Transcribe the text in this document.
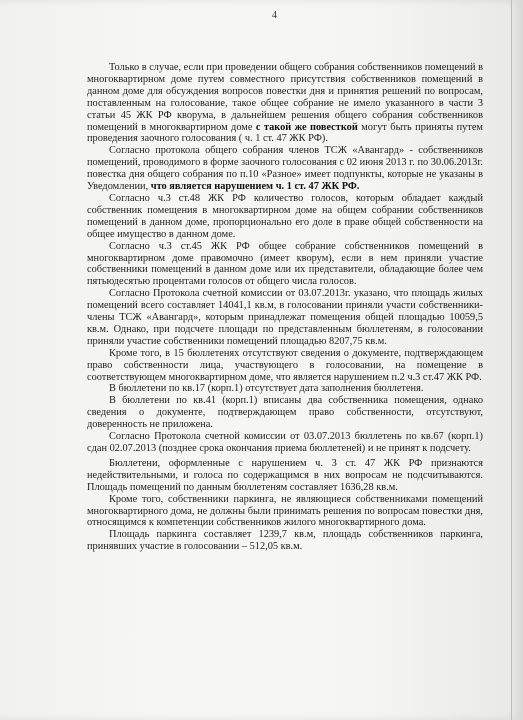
4

Только в случае, если при проведении общего собрания собственников помещений в многоквартирном доме путем совместного присутствия собственников помещений в данном доме для обсуждения вопросов повестки дня и принятия решений по вопросам, поставленным на голосование, такое общее собрание не имело указанного в части 3 статьи 45 ЖК РФ кворума, в дальнейшем решения общего собрания собственников помещений в многоквартирном доме с такой же повесткой могут быть приняты путем проведения заочного голосования ( ч. 1 ст. 47 ЖК РФ).

Согласно протокола общего собрания членов ТСЖ «Авангард» - собственников помещений, проводимого в форме заочного голосования с 02 июня 2013 г. по 30.06.2013г. повестка дня общего собрания по п.10 «Разное» имеет подпункты, которые не указаны в Уведомлении, что является нарушением ч. 1 ст. 47 ЖК РФ.

Согласно ч.3 ст.48 ЖК РФ количество голосов, которым обладает каждый собственник помещения в многоквартирном доме на общем собрании собственников помещений в данном доме, пропорционально его доле в праве общей собственности на общее имущество в данном доме.

Согласно ч.3 ст.45 ЖК РФ общее собрание собственников помещений в многоквартирном доме правомочно (имеет кворум), если в нем приняли участие собственники помещений в данном доме или их представители, обладающие более чем пятьюдесятью процентами голосов от общего числа голосов.

Согласно Протокола счетной комиссии от 03.07.2013г. указано, что площадь жилых помещений всего составляет 14041,1 кв.м, в голосовании приняли участи собственники-члены ТСЖ «Авангард», которым принадлежат помещения общей площадью 10059,5 кв.м. Однако, при подсчете площади по представленным бюллетеням, в голосовании приняли участие собственники помещений площадью 8207,75 кв.м.

Кроме того, в 15 бюллетенях отсутствуют сведения о документе, подтверждающем право собственности лица, участвующего в голосовании, на помещение в соответствующем многоквартирном доме, что является нарушением п.2 ч.3 ст.47 ЖК РФ.

В бюллетени по кв.17 (корп.1) отсутствует дата заполнения бюллетеня.

В бюллетени по кв.41 (корп.1) вписаны два собственника помещения, однако сведения о документе, подтверждающем право собственности, отсутствуют, доверенность не приложена.

Согласно Протокола счетной комиссии от 03.07.2013 бюллетень по кв.67 (корп.1) сдан 02.07.2013 (позднее срока окончания приема бюллетеней) и не принят к подсчету.

Бюллетени, оформленные с нарушением ч. 3 ст. 47 ЖК РФ признаются недействительными, и голоса по содержащимся в них вопросам не подсчитываются. Площадь помещений по данным бюллетеням составляет 1636,28 кв.м.

Кроме того, собственники паркинга, не являющиеся собственниками помещений многоквартирного дома, не должны были принимать решения по вопросам повестки дня, относящимся к компетенции собственников жилого многоквартирного дома.

Площадь паркинга составляет 1239,7 кв.м, площадь собственников паркинга, принявших участие в голосовании – 512,05 кв.м.
